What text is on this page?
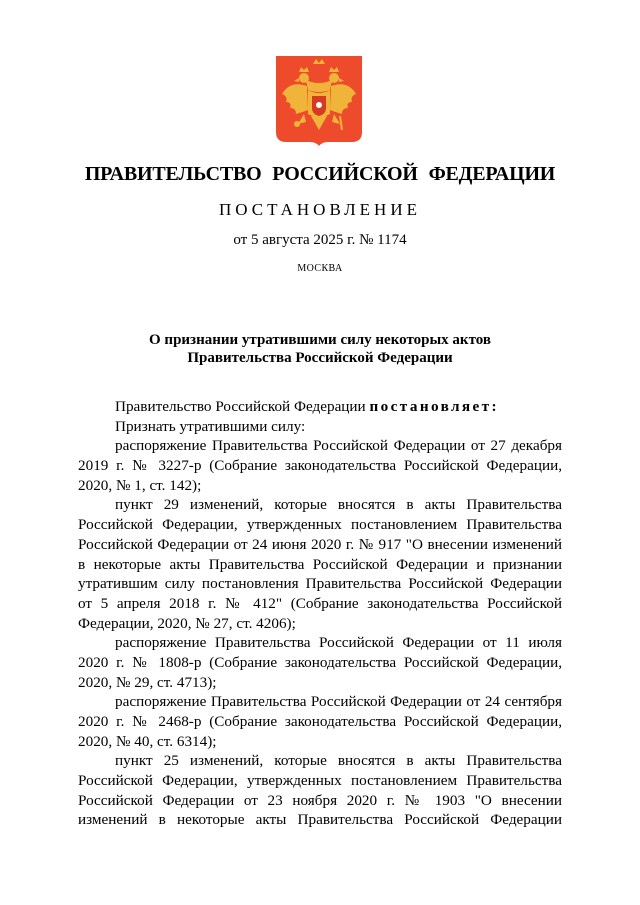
ПРАВИТЕЛЬСТВО РОССИЙСКОЙ ФЕДЕРАЦИИ
ПОСТАНОВЛЕНИЕ
от 5 августа 2025 г. № 1174
МОСКВА
О признании утратившими силу некоторых актов
Правительства Российской Федерации
Правительство Российской Федерации постановляет:
Признать утратившими силу:
распоряжение Правительства Российской Федерации от 27 декабря
2019 г. № 3227-р (Собрание законодательства Российской Федерации,
2020, № 1, ст. 142);
пункт 29 изменений, которые вносятся в акты Правительства
Российской Федерации, утвержденных постановлением Правительства
Российской Федерации от 24 июня 2020 г. № 917 "О внесении изменений
в некоторые акты Правительства Российской Федерации и признании
утратившим силу постановления Правительства Российской Федерации
от 5 апреля 2018 г. № 412" (Собрание законодательства Российской
Федерации, 2020, № 27, ст. 4206);
распоряжение Правительства Российской Федерации от 11 июля
2020 г. № 1808-р (Собрание законодательства Российской Федерации,
2020, № 29, ст. 4713);
распоряжение Правительства Российской Федерации от 24 сентября
2020 г. № 2468-р (Собрание законодательства Российской Федерации,
2020, № 40, ст. 6314);
пункт 25 изменений, которые вносятся в акты Правительства
Российской Федерации, утвержденных постановлением Правительства
Российской Федерации от 23 ноября 2020 г. № 1903 "О внесении
изменений в некоторые акты Правительства Российской Федерации
